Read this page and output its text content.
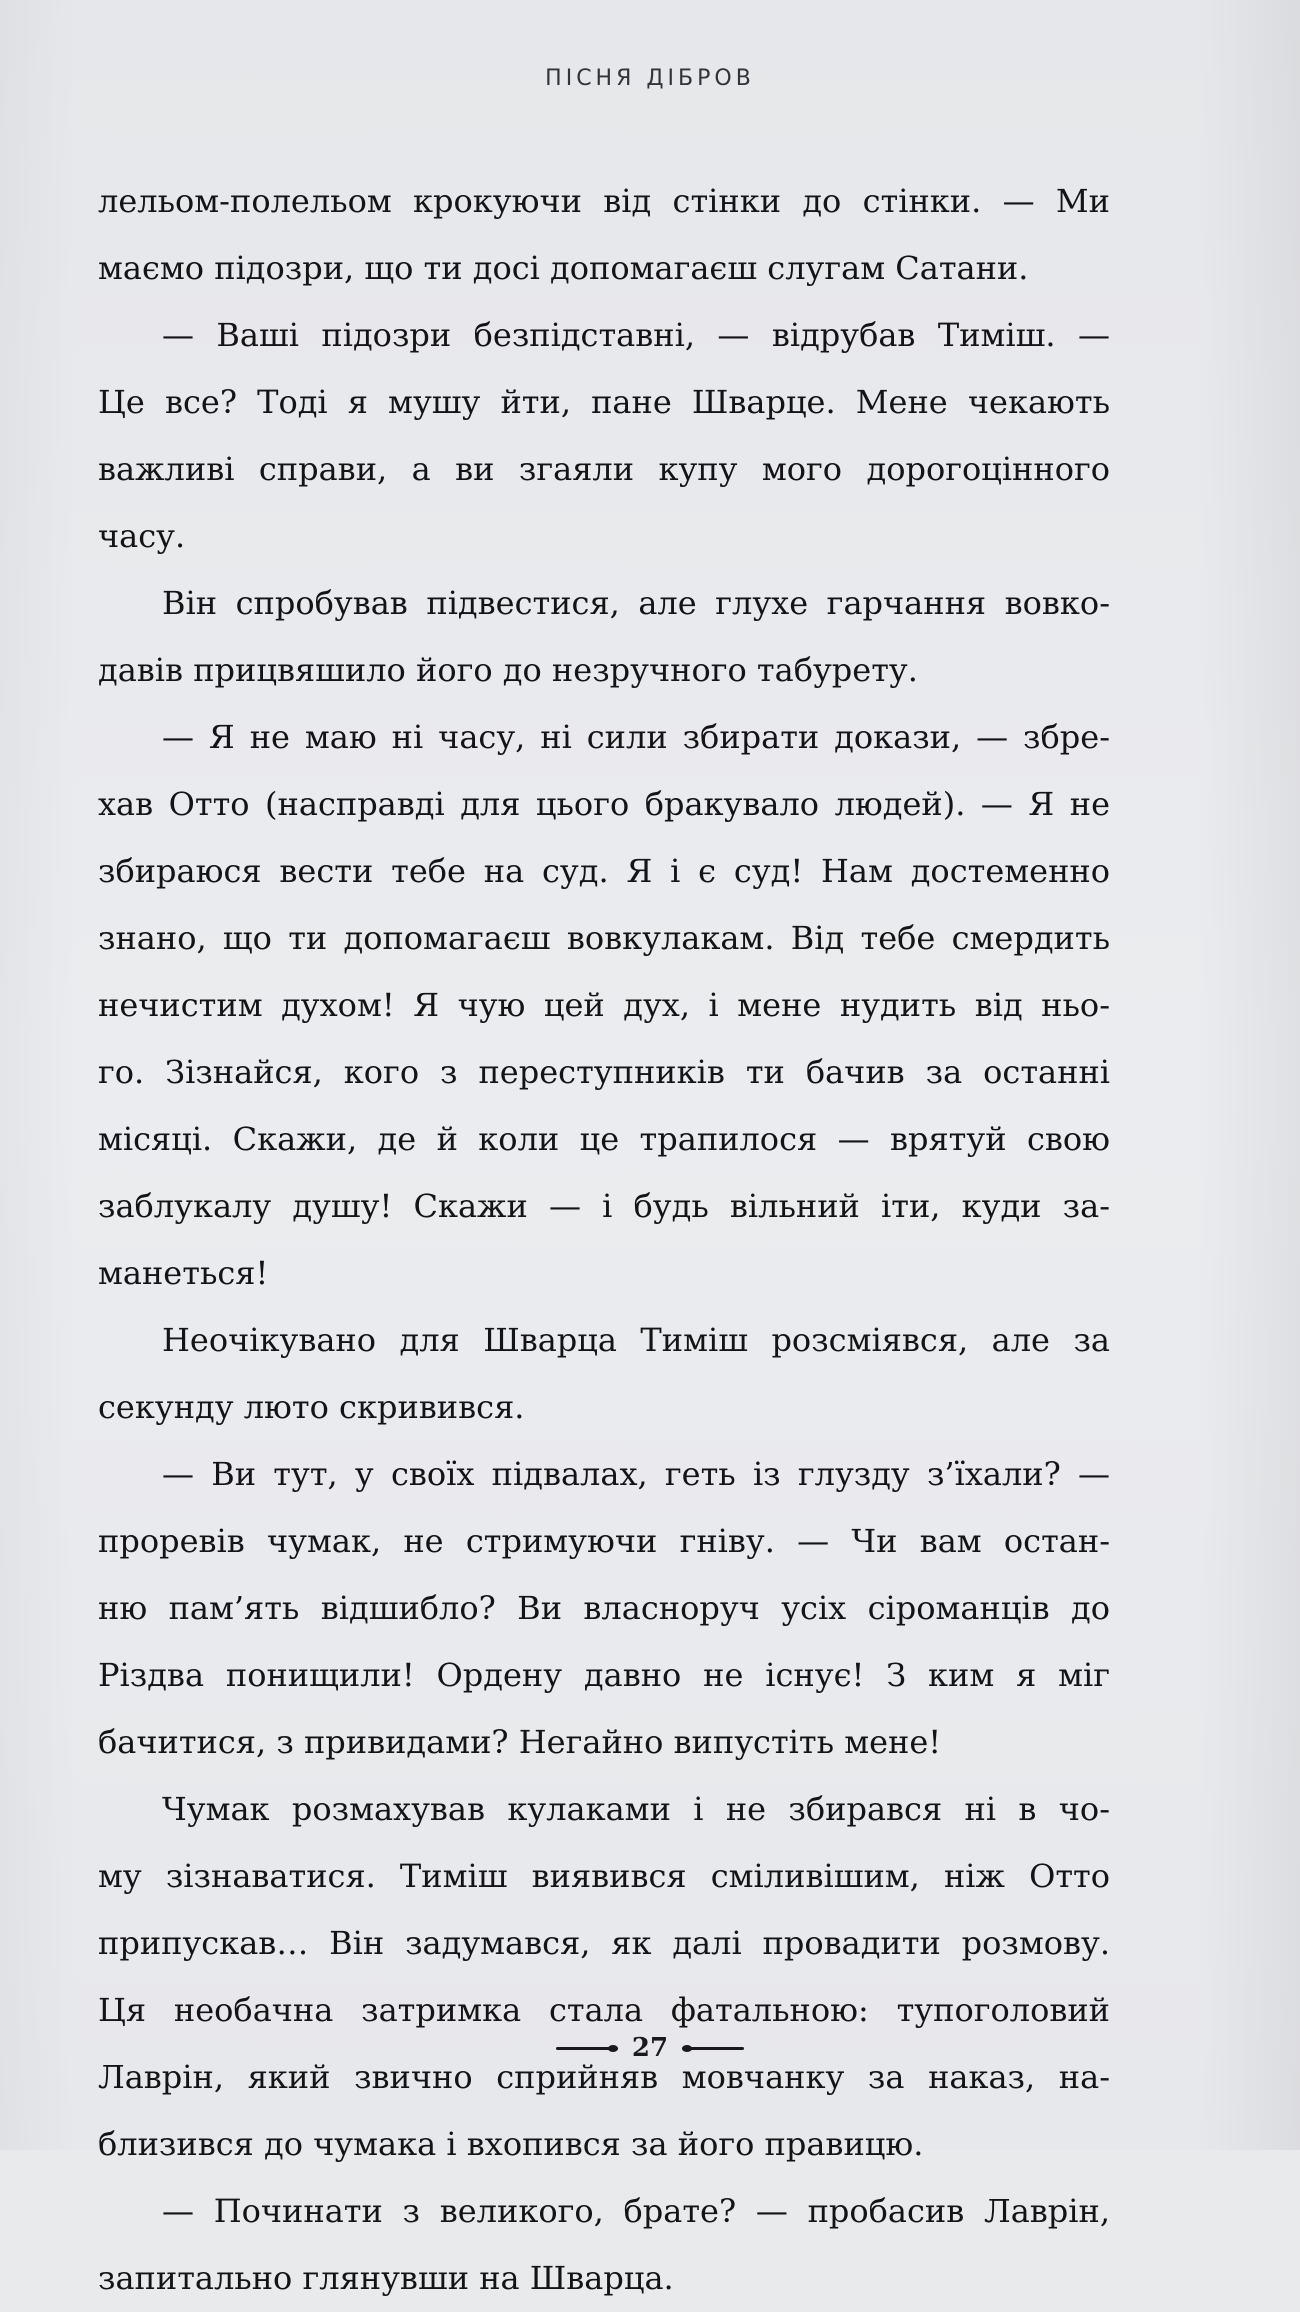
ПІСНЯ ДІБРОВ
лельом-полельом крокуючи від стінки до стінки. — Ми
маємо підозри, що ти досі допомагаєш слугам Сатани.
— Ваші підозри безпідставні, — відрубав Тиміш. —
Це все? Тоді я мушу йти, пане Шварце. Мене чекають
важливі справи, а ви згаяли купу мого дорогоцінного
часу.
Він спробував підвестися, але глухе гарчання вовко-
давів прицвяшило його до незручного табурету.
— Я не маю ні часу, ні сили збирати докази, — збре-
хав Отто (насправді для цього бракувало людей). — Я не
збираюся вести тебе на суд. Я і є суд! Нам достеменно
знано, що ти допомагаєш вовкулакам. Від тебе смердить
нечистим духом! Я чую цей дух, і мене нудить від ньо-
го. Зізнайся, кого з переступників ти бачив за останні
місяці. Скажи, де й коли це трапилося — врятуй свою
заблукалу душу! Скажи — і будь вільний іти, куди за-
манеться!
Неочікувано для Шварца Тиміш розсміявся, але за
секунду люто скривився.
— Ви тут, у своїх підвалах, геть із глузду з’їхали? —
проревів чумак, не стримуючи гніву. — Чи вам остан-
ню пам’ять відшибло? Ви власноруч усіх сіроманців до
Різдва понищили! Ордену давно не існує! З ким я міг
бачитися, з привидами? Негайно випустіть мене!
Чумак розмахував кулаками і не збирався ні в чо-
му зізнаватися. Тиміш виявився сміливішим, ніж Отто
припускав… Він задумався, як далі провадити розмову.
Ця необачна затримка стала фатальною: тупоголовий
Лаврін, який звично сприйняв мовчанку за наказ, на-
близився до чумака і вхопився за його правицю.
— Починати з великого, брате? — пробасив Лаврін,
запитально глянувши на Шварца.
27
